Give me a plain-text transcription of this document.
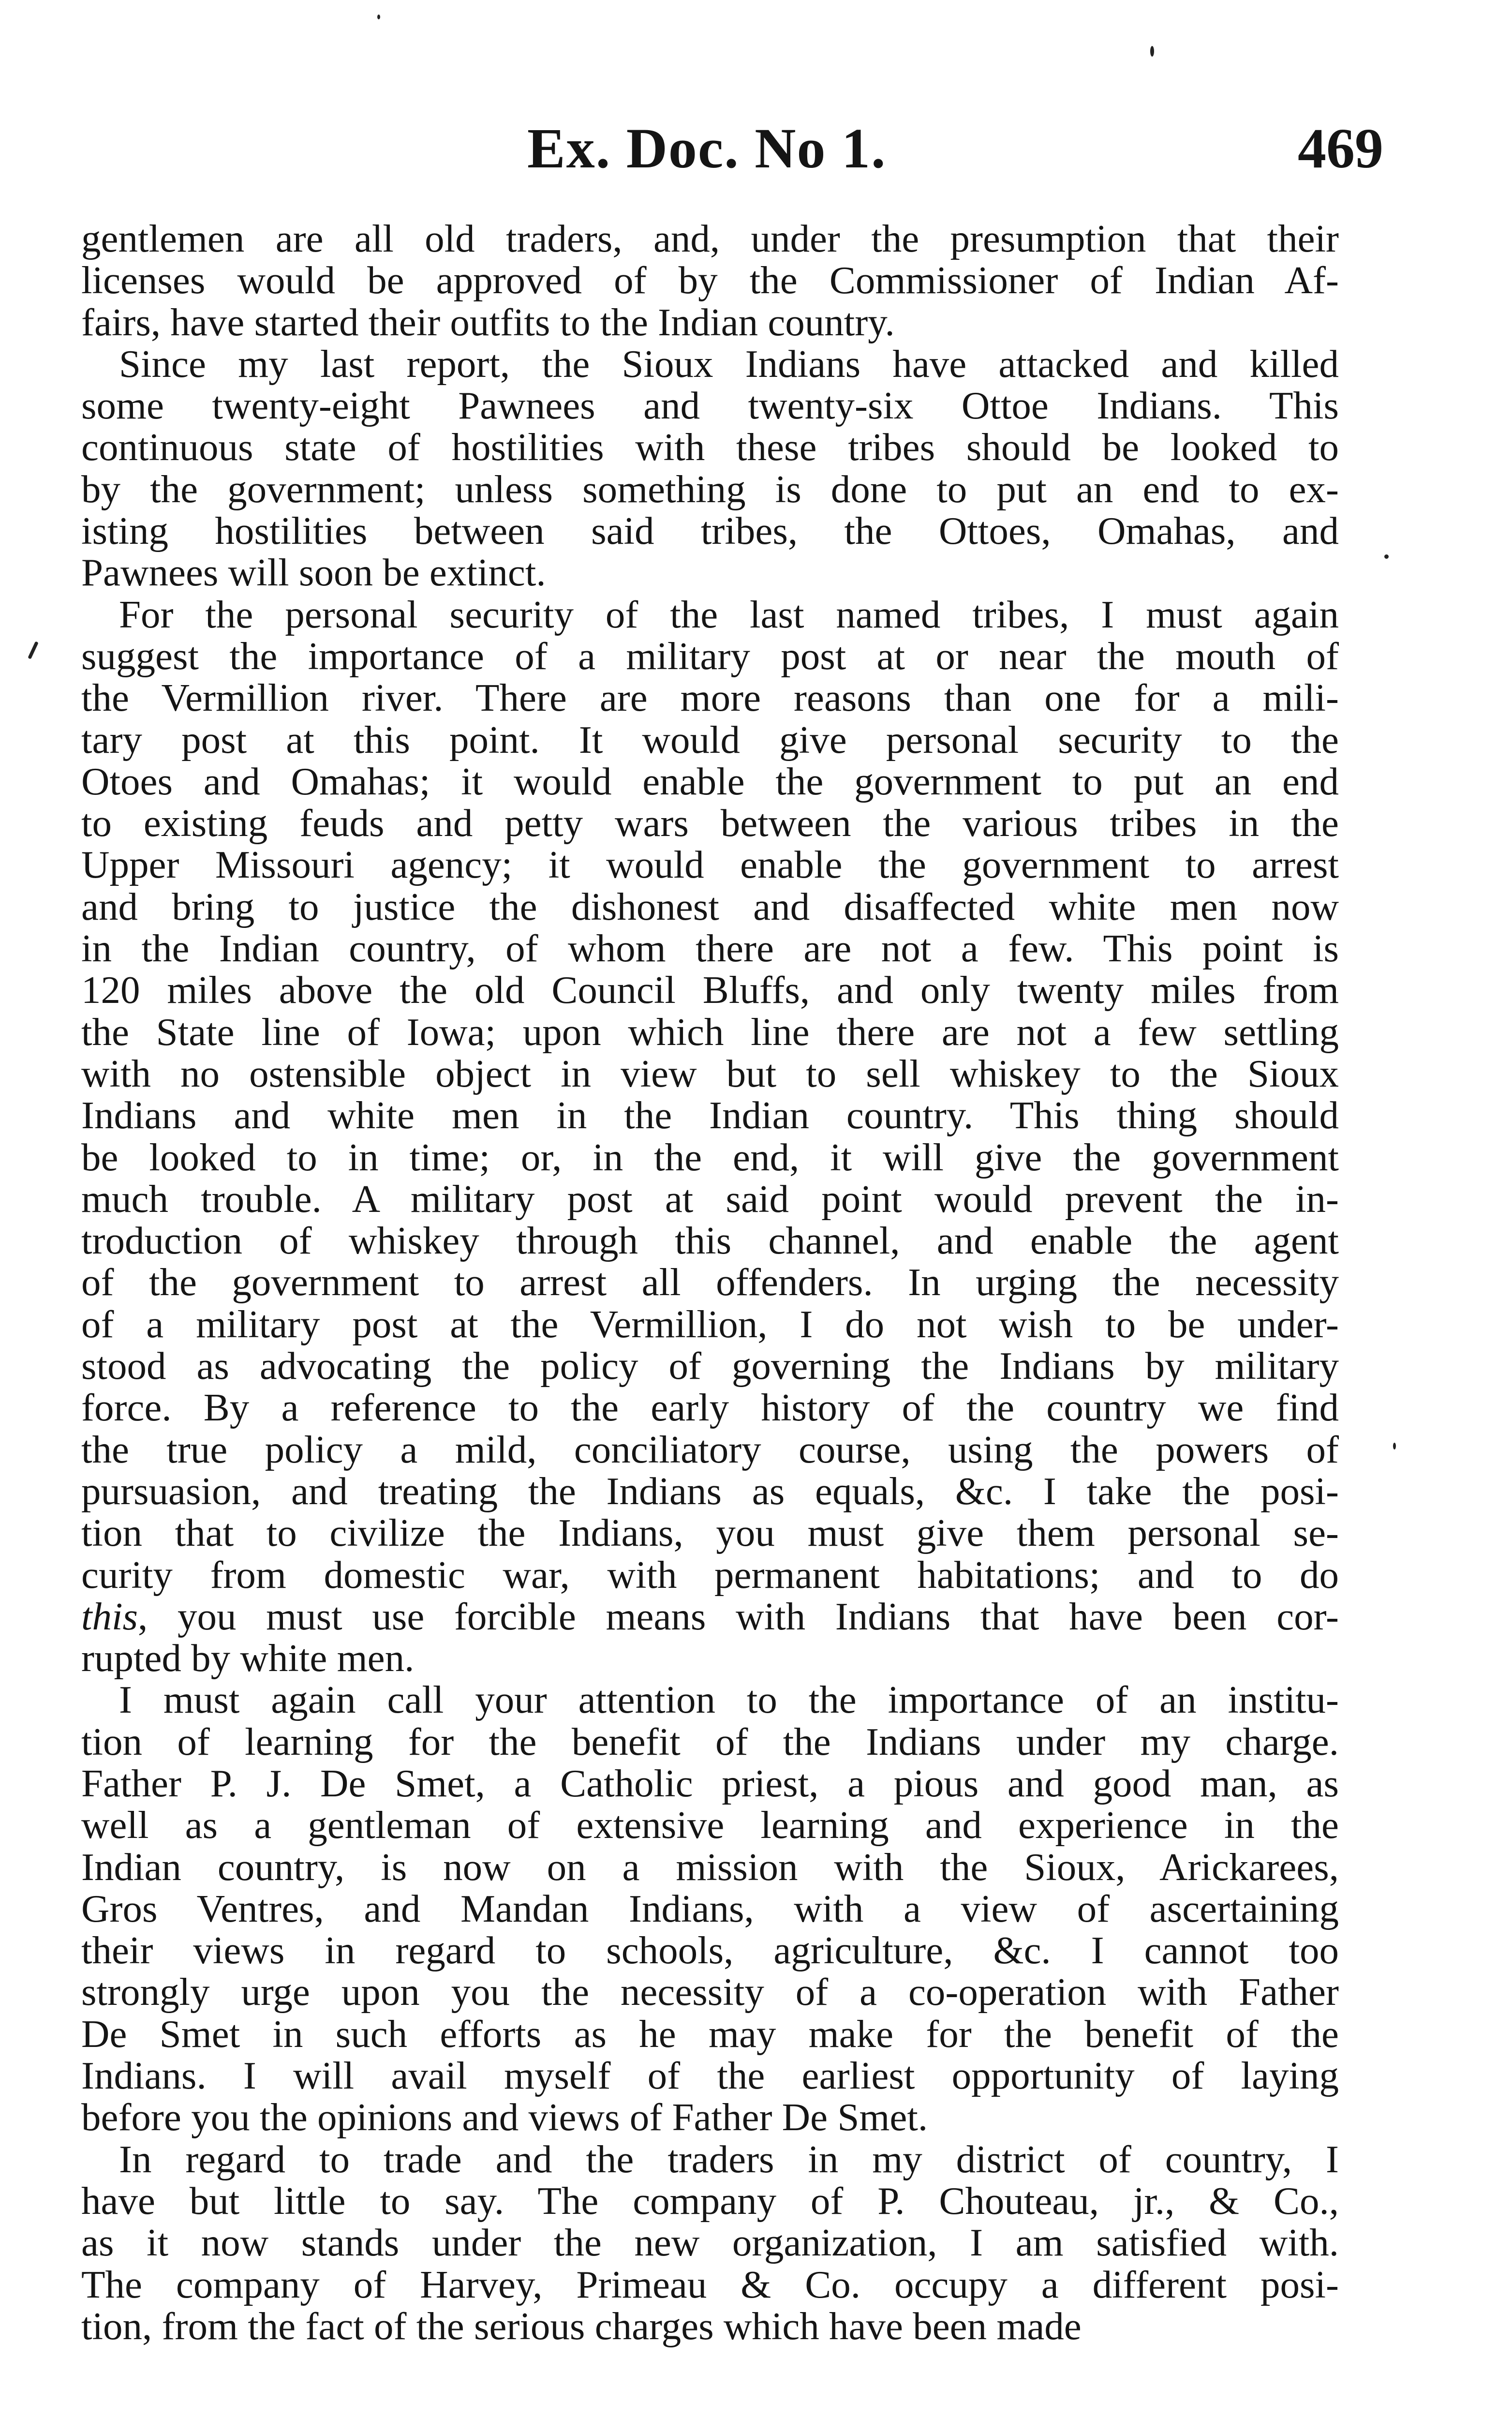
Ex. Doc. No 1.	469
gentlemen are all old traders, and, under the presumption that their
licenses would be approved of by the Commissioner of Indian Af-
fairs, have started their outfits to the Indian country.
Since my last report, the Sioux Indians have attacked and killed
some twenty-eight Pawnees and twenty-six Ottoe Indians. This
continuous state of hostilities with these tribes should be looked to
by the government; unless something is done to put an end to ex-
isting hostilities between said tribes, the Ottoes, Omahas, and
Pawnees will soon be extinct.
For the personal security of the last named tribes, I must again
suggest the importance of a military post at or near the mouth of
the Vermillion river. There are more reasons than one for a mili-
tary post at this point. It would give personal security to the
Otoes and Omahas; it would enable the government to put an end
to existing feuds and petty wars between the various tribes in the
Upper Missouri agency; it would enable the government to arrest
and bring to justice the dishonest and disaffected white men now
in the Indian country, of whom there are not a few. This point is
120 miles above the old Council Bluffs, and only twenty miles from
the State line of Iowa; upon which line there are not a few settling
with no ostensible object in view but to sell whiskey to the Sioux
Indians and white men in the Indian country. This thing should
be looked to in time; or, in the end, it will give the government
much trouble. A military post at said point would prevent the in-
troduction of whiskey through this channel, and enable the agent
of the government to arrest all offenders. In urging the necessity
of a military post at the Vermillion, I do not wish to be under-
stood as advocating the policy of governing the Indians by military
force. By a reference to the early history of the country we find
the true policy a mild, conciliatory course, using the powers of
pursuasion, and treating the Indians as equals, &c. I take the posi-
tion that to civilize the Indians, you must give them personal se-
curity from domestic war, with permanent habitations; and to do
this, you must use forcible means with Indians that have been cor-
rupted by white men.
I must again call your attention to the importance of an institu-
tion of learning for the benefit of the Indians under my charge.
Father P. J. De Smet, a Catholic priest, a pious and good man, as
well as a gentleman of extensive learning and experience in the
Indian country, is now on a mission with the Sioux, Arickarees,
Gros Ventres, and Mandan Indians, with a view of ascertaining
their views in regard to schools, agriculture, &c. I cannot too
strongly urge upon you the necessity of a co-operation with Father
De Smet in such efforts as he may make for the benefit of the
Indians. I will avail myself of the earliest opportunity of laying
before you the opinions and views of Father De Smet.
In regard to trade and the traders in my district of country, I
have but little to say. The company of P. Chouteau, jr., & Co.,
as it now stands under the new organization, I am satisfied with.
The company of Harvey, Primeau & Co. occupy a different posi-
tion, from the fact of the serious charges which have been made
